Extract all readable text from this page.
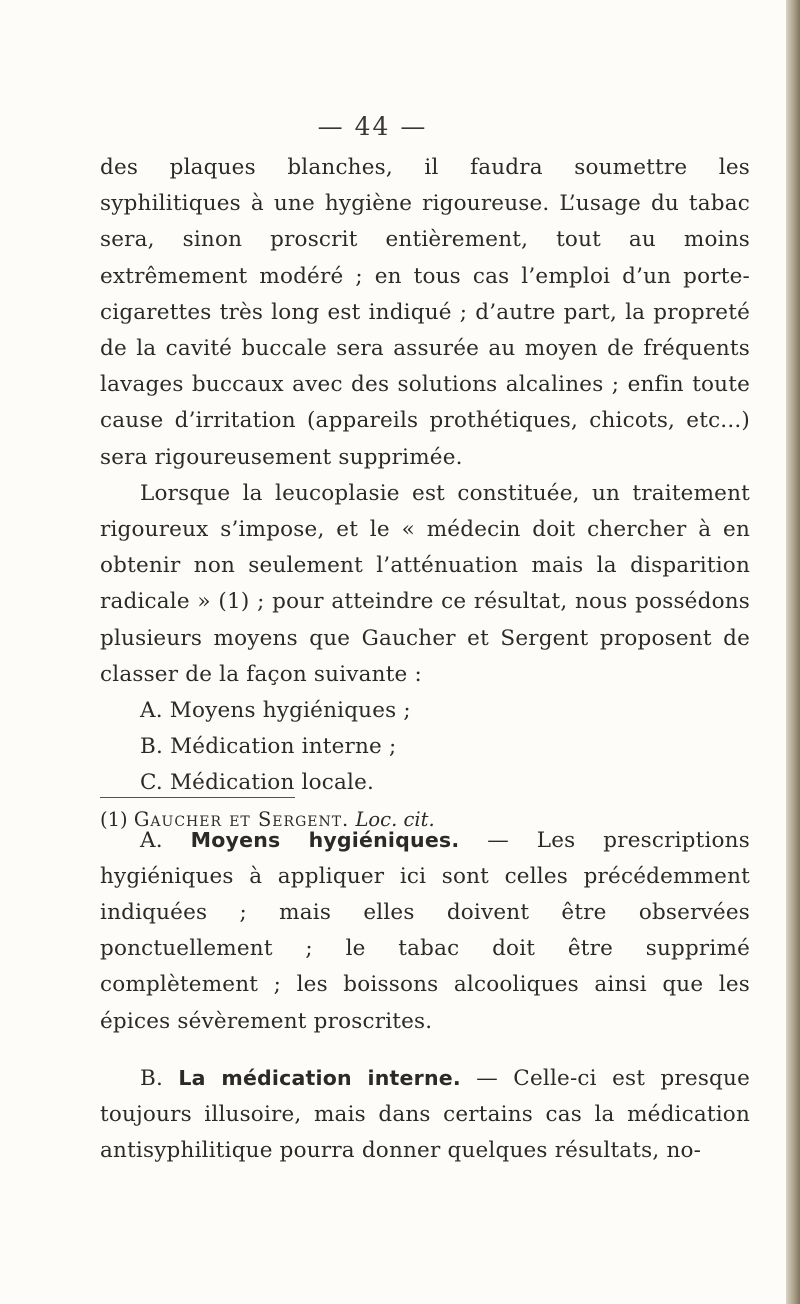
— 44 —

des plaques blanches, il faudra soumettre les syphilitiques à une hygiène rigoureuse. L’usage du tabac sera, sinon proscrit entièrement, tout au moins extrêmement modéré ; en tous cas l’emploi d’un porte-cigarettes très long est indiqué ; d’autre part, la propreté de la cavité buccale sera assurée au moyen de fréquents lavages buccaux avec des solutions alcalines ; enfin toute cause d’irritation (appareils prothétiques, chicots, etc...) sera rigoureusement supprimée.

Lorsque la leucoplasie est constituée, un traitement rigoureux s’impose, et le « médecin doit chercher à en obtenir non seulement l’atténuation mais la disparition radicale » (1) ; pour atteindre ce résultat, nous possédons plusieurs moyens que Gaucher et Sergent proposent de classer de la façon suivante :

A. Moyens hygiéniques ;

B. Médication interne ;

C. Médication locale.

A. Moyens hygiéniques. — Les prescriptions hygiéniques à appliquer ici sont celles précédemment indiquées ; mais elles doivent être observées ponctuellement ; le tabac doit être supprimé complètement ; les boissons alcooliques ainsi que les épices sévèrement proscrites.

B. La médication interne. — Celle-ci est presque toujours illusoire, mais dans certains cas la médication antisyphilitique pourra donner quelques résultats, no-

(1) Gaucher et Sergent. Loc. cit.
